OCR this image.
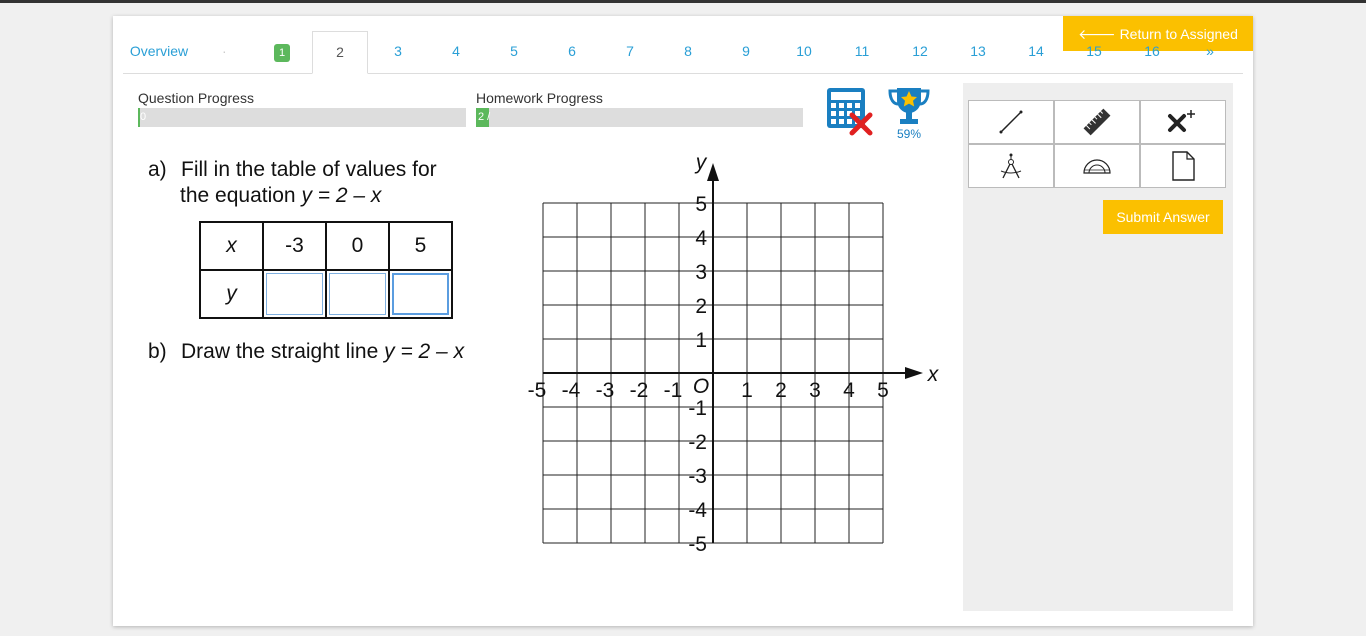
🡐 Return to Assigned Work
Overview	·	1	2	3	4	5	6	7	8	9	10	11	12	13	14	15	16	»
Question Progress
0
Homework Progress
2 /
59%
a) Fill in the table of values for
the equation y = 2 – x
x	-3	0	5
y			
b) Draw the straight line y = 2 – x
-5 -4 -3 -2 -1	1 2 3 4 5
5
4
3
2
1
-1
-2
-3
-4
-5
O
x
y
Submit Answer
